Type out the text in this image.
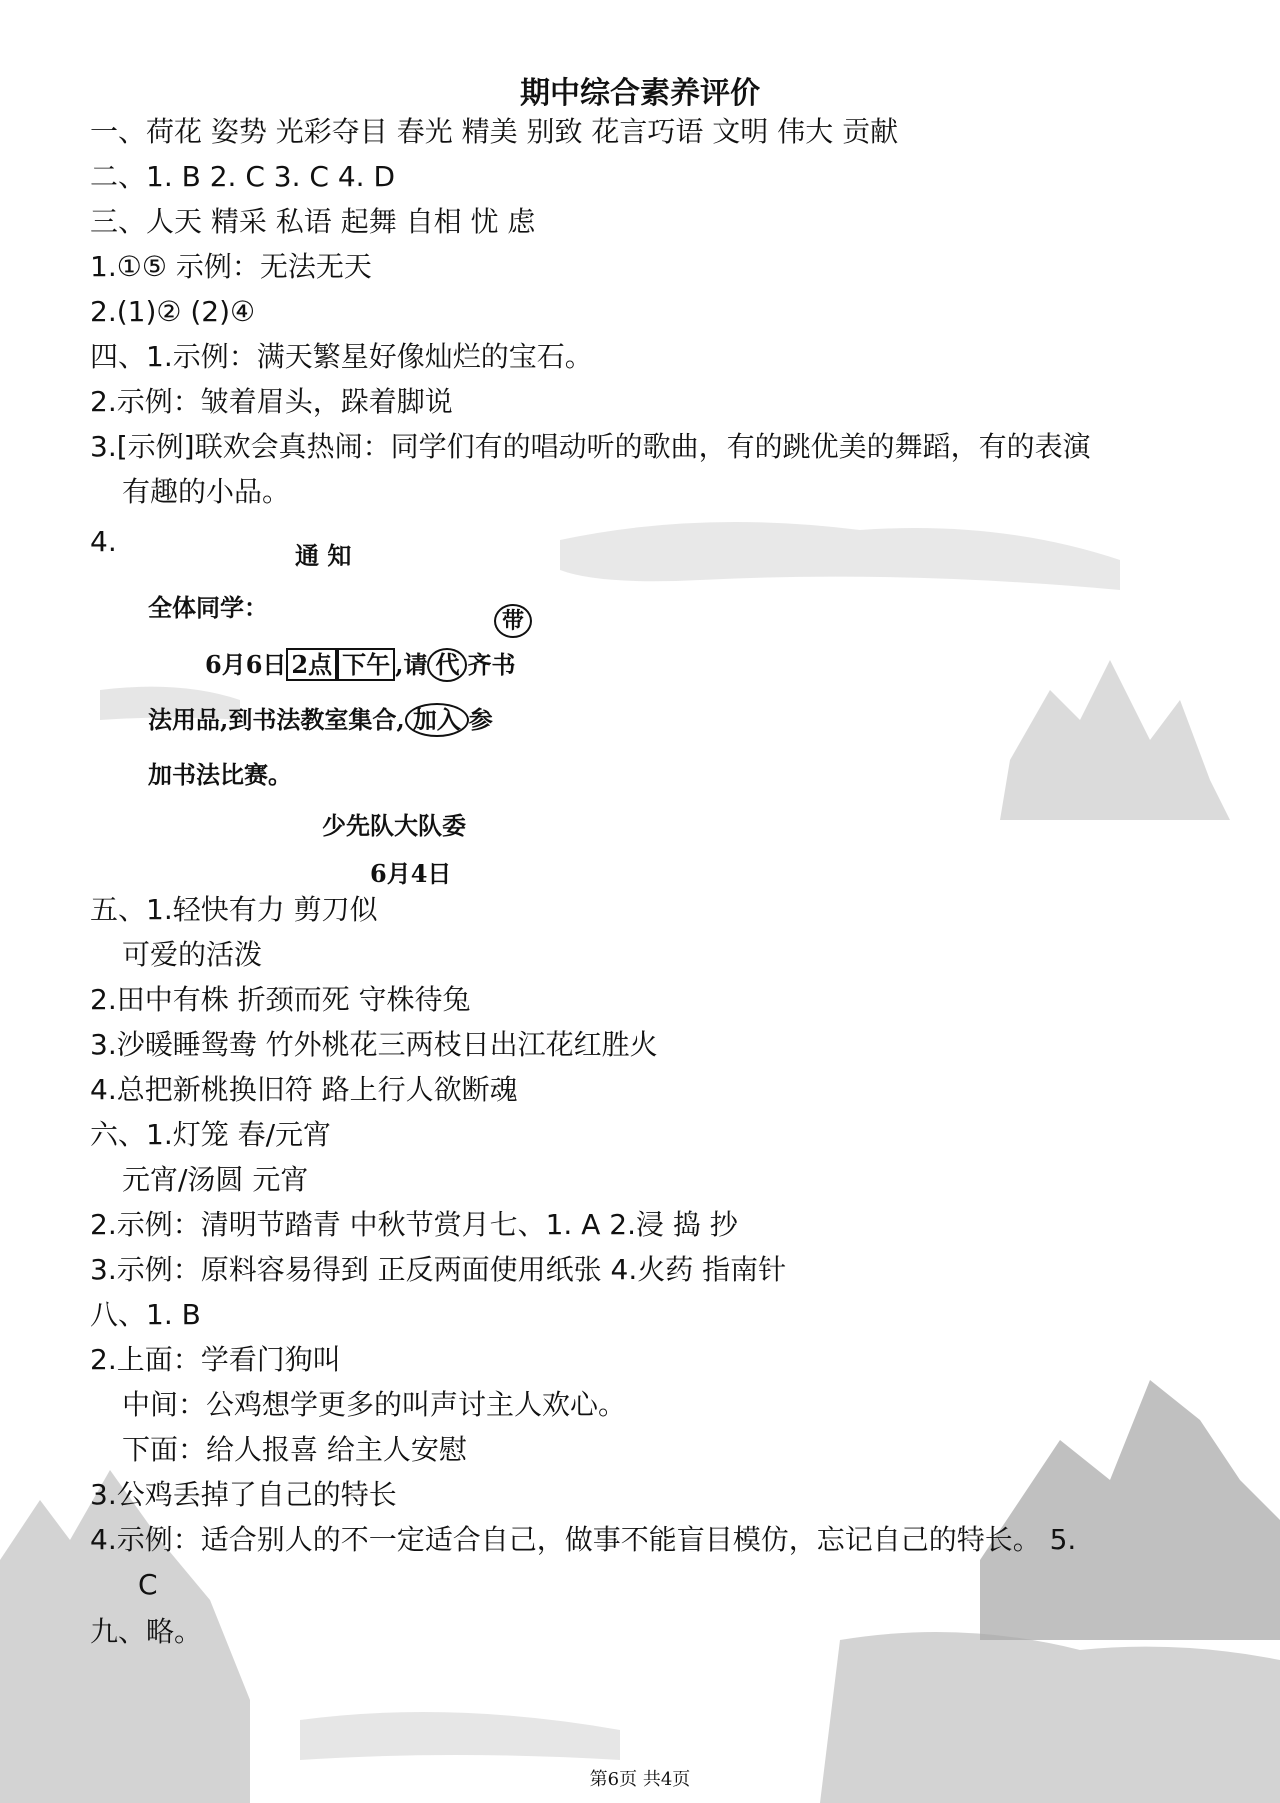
期中综合素养评价
一、荷花 姿势 光彩夺目 春光 精美 别致 花言巧语 文明 伟大 贡献
二、1. B 2. C 3. C 4. D
三、人天 精采 私语 起舞 自相 忧 虑
1.①⑤ 示例：无法无天
2.(1)② (2)④
四、1.示例：满天繁星好像灿烂的宝石。
2.示例：皱着眉头，跺着脚说
3.[示例]联欢会真热闹：同学们有的唱动听的歌曲，有的跳优美的舞蹈，有的表演
有趣的小品。
4.	通 知
全体同学：	带
6月6日 2点 下午 ,请 代 齐书
法用品,到书法教室集合, 加入 参
加书法比赛。
少先队大队委
6月4日
五、1.轻快有力 剪刀似
可爱的活泼
2.田中有株 折颈而死 守株待兔
3.沙暖睡鸳鸯 竹外桃花三两枝日出江花红胜火
4.总把新桃换旧符 路上行人欲断魂
六、1.灯笼 春/元宵
元宵/汤圆 元宵
2.示例：清明节踏青 中秋节赏月七、1. A 2.浸 捣 抄
3.示例：原料容易得到 正反两面使用纸张 4.火药 指南针
八、1. B
2.上面：学看门狗叫
中间：公鸡想学更多的叫声讨主人欢心。
下面：给人报喜 给主人安慰
3.公鸡丢掉了自己的特长
4.示例：适合别人的不一定适合自己，做事不能盲目模仿，忘记自己的特长。 5.
C
九、略。
第6页 共4页
